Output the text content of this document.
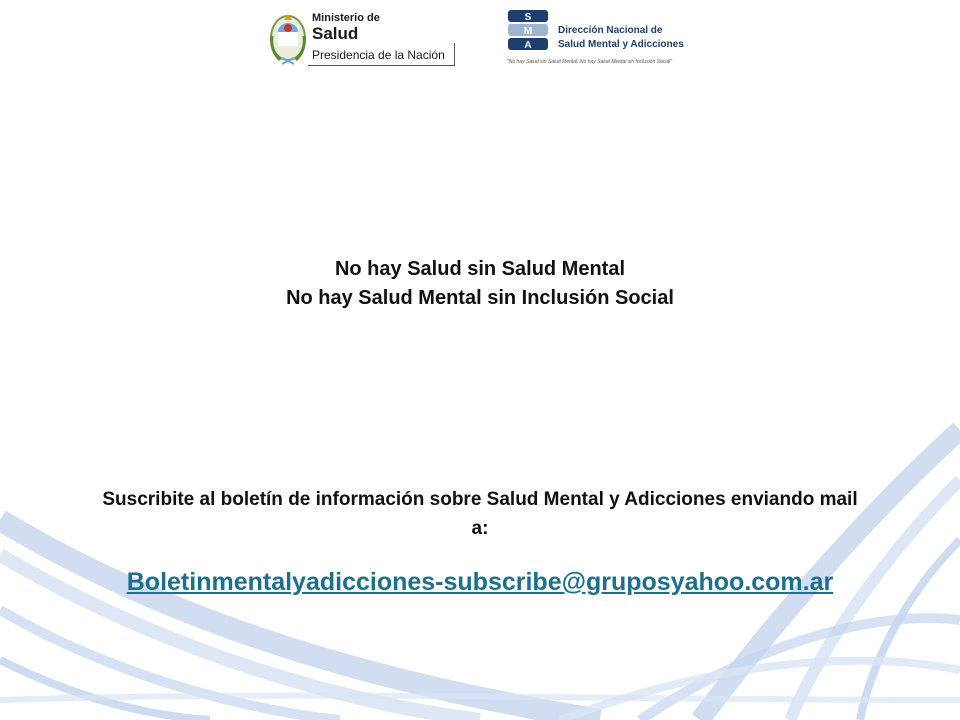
Ministerio de
Salud
Presidencia de la Nación
S
M
A
Dirección Nacional de
Salud Mental y Adicciones
"No hay Salud sin Salud Mental. No hay Salud Mental sin Inclusión Social"
No hay Salud sin Salud Mental
No hay Salud Mental sin Inclusión Social
Suscribite al boletín de información sobre Salud Mental y Adicciones enviando mail a:
Boletinmentalyadicciones-subscribe@gruposyahoo.com.ar
